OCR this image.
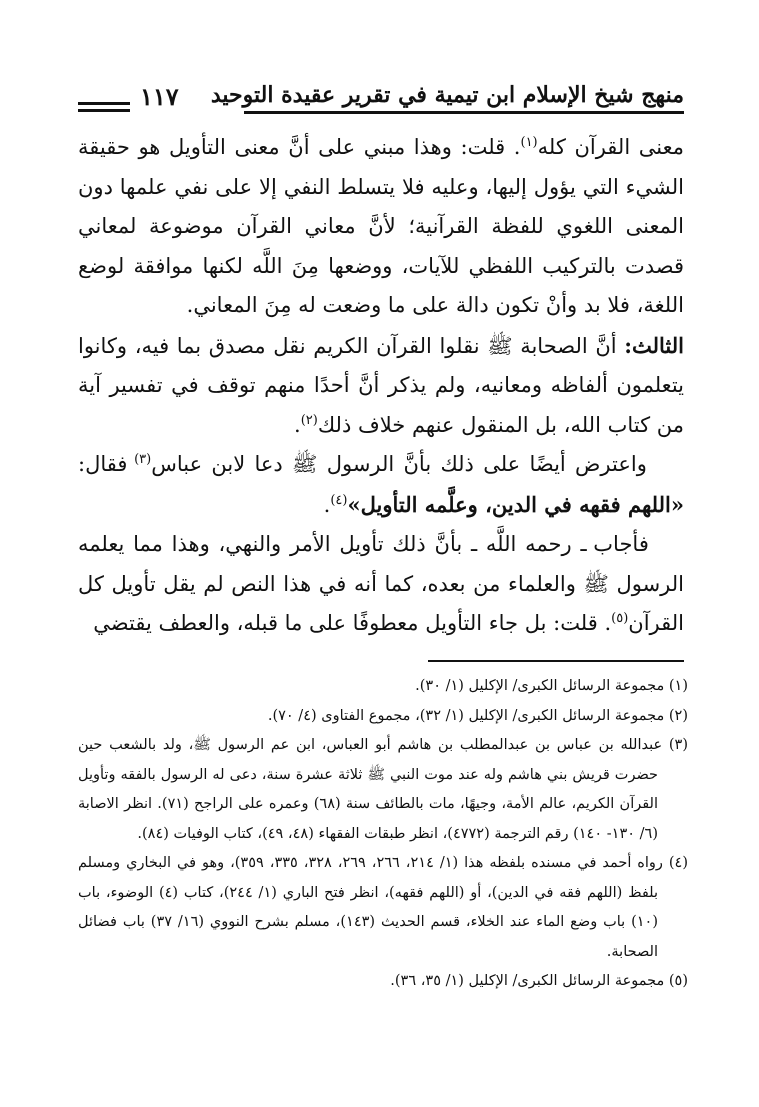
منهج شيخ الإسلام ابن تيمية في تقرير عقيدة التوحيد
١١٧

معنى القرآن كله$^{(١)}$. قلت: وهذا مبني على أنَّ معنى التأويل هو حقيقة الشيء التي يؤول إليها، وعليه فلا يتسلط النفي إلا على نفي علمها دون المعنى اللغوي للفظة القرآنية؛ لأنَّ معاني القرآن موضوعة لمعاني قصدت بالتركيب اللفظي للآيات، ووضعها مِنَ اللَّه لكنها موافقة لوضع اللغة، فلا بد وأنْ تكون دالة على ما وضعت له مِنَ المعاني.

الثالث: أنَّ الصحابة ﷺ نقلوا القرآن الكريم نقل مصدق بما فيه، وكانوا يتعلمون ألفاظه ومعانيه، ولم يذكر أنَّ أحدًا منهم توقف في تفسير آية من كتاب الله، بل المنقول عنهم خلاف ذلك$^{(٢)}$.

واعترض أيضًا على ذلك بأنَّ الرسول ﷺ دعا لابن عباس$^{(٣)}$ فقال: «اللهم فقهه في الدين، وعلَّمه التأويل»$^{(٤)}$.

فأجاب ـ رحمه اللَّه ـ بأنَّ ذلك تأويل الأمر والنهي، وهذا مما يعلمه الرسول ﷺ والعلماء من بعده، كما أنه في هذا النص لم يقل تأويل كل القرآن$^{(٥)}$. قلت: بل جاء التأويل معطوفًا على ما قبله، والعطف يقتضي

(١) مجموعة الرسائل الكبرى/ الإكليل (١/ ٣٠).

(٢) مجموعة الرسائل الكبرى/ الإكليل (١/ ٣٢)، مجموع الفتاوى (٤/ ٧٠).

(٣) عبدالله بن عباس بن عبدالمطلب بن هاشم أبو العباس، ابن عم الرسول ﷺ، ولد بالشعب حين حضرت قريش بني هاشم وله عند موت النبي ﷺ ثلاثة عشرة سنة، دعى له الرسول بالفقه وتأويل القرآن الكريم، عالم الأمة، وجيهًا، مات بالطائف سنة (٦٨) وعمره على الراجح (٧١). انظر الاصابة (٦/ ١٣٠- ١٤٠) رقم الترجمة (٤٧٧٢)، انظر طبقات الفقهاء (٤٨، ٤٩)، كتاب الوفيات (٨٤).

(٤) رواه أحمد في مسنده بلفظه هذا (١/ ٢١٤، ٢٦٦، ٢٦٩، ٣٢٨، ٣٣٥، ٣٥٩)، وهو في البخاري ومسلم بلفظ (اللهم فقه في الدين)، أو (اللهم فقهه)، انظر فتح الباري (١/ ٢٤٤)، كتاب (٤) الوضوء، باب (١٠) باب وضع الماء عند الخلاء، قسم الحديث (١٤٣)، مسلم بشرح النووي (١٦/ ٣٧) باب فضائل الصحابة.

(٥) مجموعة الرسائل الكبرى/ الإكليل (١/ ٣٥، ٣٦).
